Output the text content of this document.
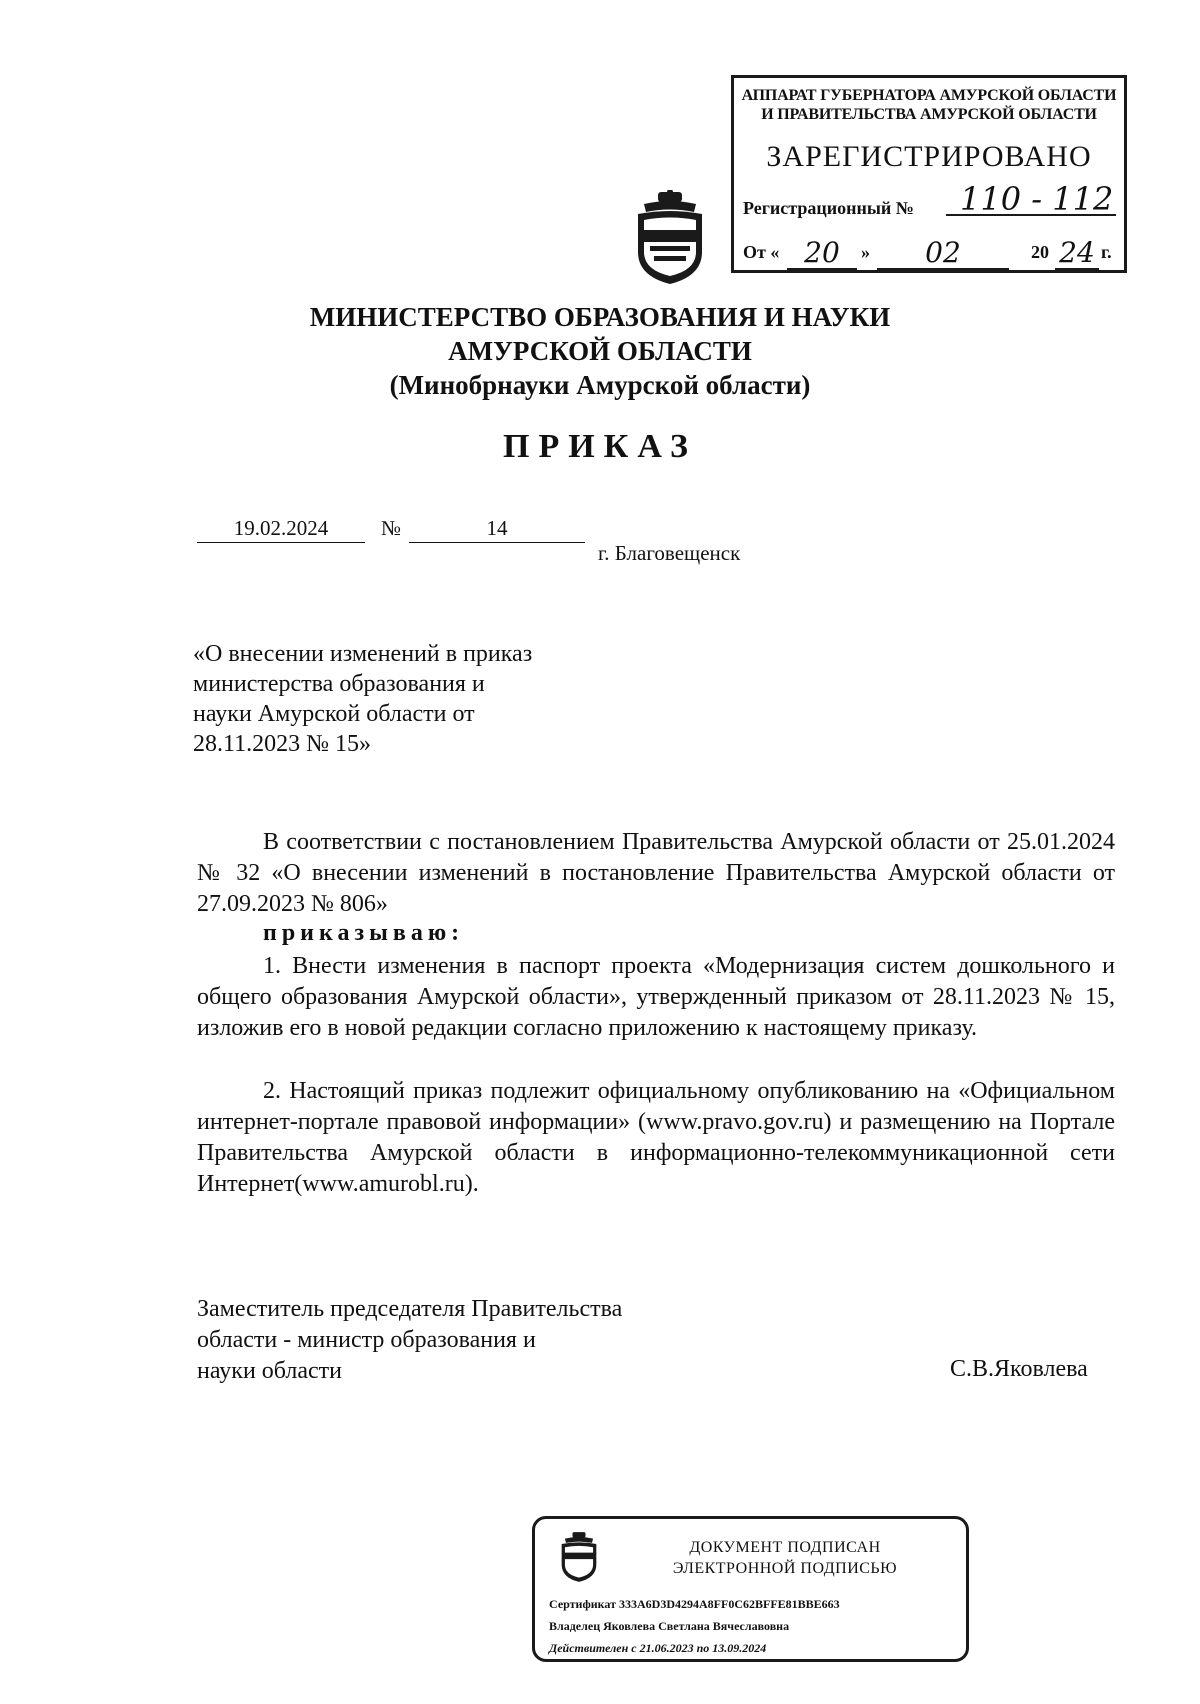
АППАРАТ ГУБЕРНАТОРА АМУРСКОЙ ОБЛАСТИ
И ПРАВИТЕЛЬСТВА АМУРСКОЙ ОБЛАСТИ
ЗАРЕГИСТРИРОВАНО
Регистрационный №	110 - 112
От « 20	»	02	20 24 г.
МИНИСТЕРСТВО ОБРАЗОВАНИЯ И НАУКИ
АМУРСКОЙ ОБЛАСТИ
(Минобрнауки Амурской области)
ПРИКАЗ
19.02.2024	№	14
г. Благовещенск
«О внесении изменений в приказ
министерства образования и
науки Амурской области от
28.11.2023 № 15»

В соответствии с постановлением Правительства Амурской области от 25.01.2024 № 32 «О внесении изменений в постановление Правительства Амурской области от 27.09.2023 № 806»

приказываю:

1. Внести изменения в паспорт проекта «Модернизация систем дошкольного и общего образования Амурской области», утвержденный приказом от 28.11.2023 № 15, изложив его в новой редакции согласно приложению к настоящему приказу.

2. Настоящий приказ подлежит официальному опубликованию на «Официальном интернет-портале правовой информации» (www.pravo.gov.ru) и размещению на Портале Правительства Амурской области в информационно-телекоммуникационной сети Интернет(www.amurobl.ru).

Заместитель председателя Правительства
области - министр образования и
науки области	С.В.Яковлева
ДОКУМЕНТ ПОДПИСАН
ЭЛЕКТРОННОЙ ПОДПИСЬЮ
Сертификат 333A6D3D4294A8FF0C62BFFE81BBE663
Владелец Яковлева Светлана Вячеславовна
Действителен с 21.06.2023 по 13.09.2024
